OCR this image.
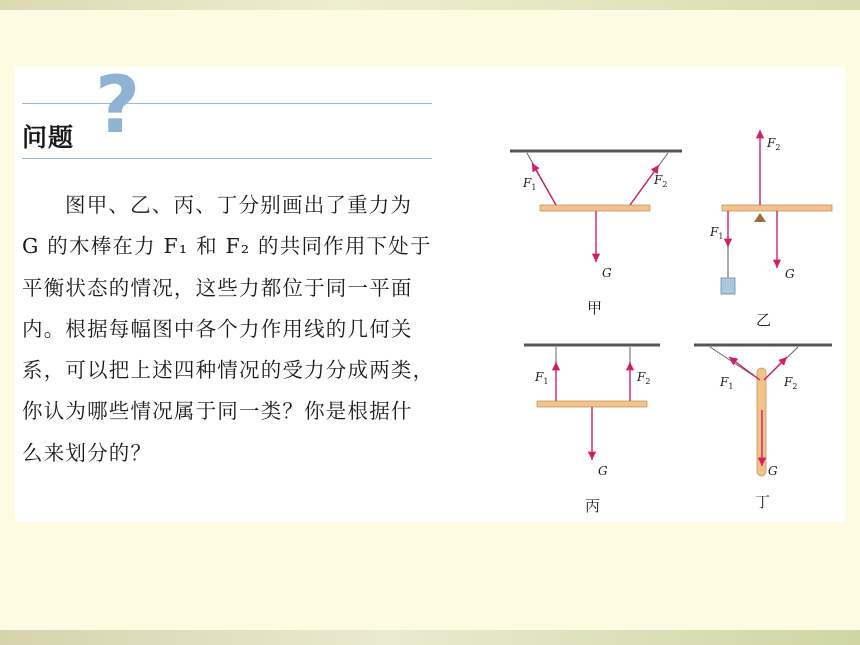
问题 ?
图甲、乙、丙、丁分别画出了重力为
G 的木棒在力 F₁ 和 F₂ 的共同作用下处于
平衡状态的情况，这些力都位于同一平面
内。根据每幅图中各个力作用线的几何关
系，可以把上述四种情况的受力分成两类，
你认为哪些情况属于同一类？你是根据什
么来划分的？
$F_1$
$F_2$
G
甲
$F_2$
$F_1$
G
乙
$F_1$	$F_2$
G
丙
$F_1$	$F_2$
G
丁
